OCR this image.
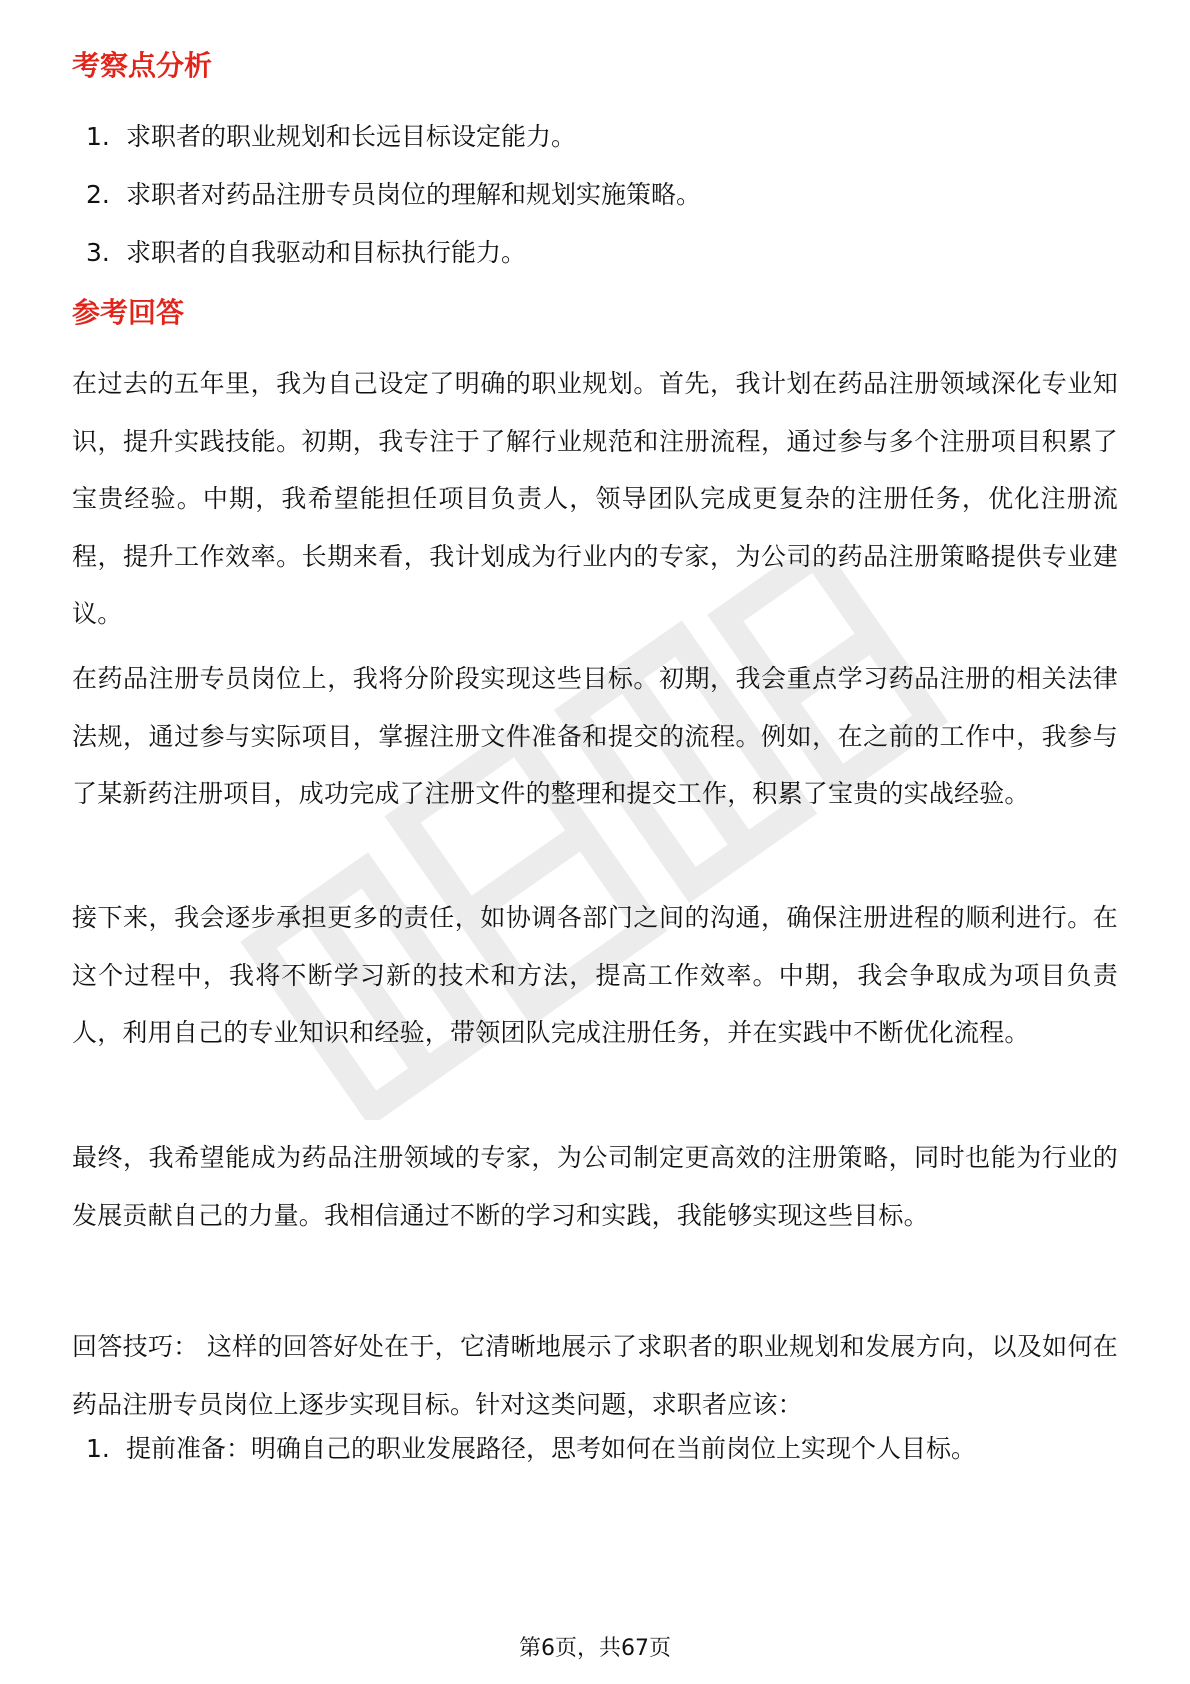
考察点分析
1. 求职者的职业规划和长远目标设定能力。
2. 求职者对药品注册专员岗位的理解和规划实施策略。
3. 求职者的自我驱动和目标执行能力。
参考回答

在过去的五年里，我为自己设定了明确的职业规划。首先，我计划在药品注册领域深化专业知识，提升实践技能。初期，我专注于了解行业规范和注册流程，通过参与多个注册项目积累了宝贵经验。中期，我希望能担任项目负责人，领导团队完成更复杂的注册任务，优化注册流程，提升工作效率。长期来看，我计划成为行业内的专家，为公司的药品注册策略提供专业建议。

在药品注册专员岗位上，我将分阶段实现这些目标。初期，我会重点学习药品注册的相关法律法规，通过参与实际项目，掌握注册文件准备和提交的流程。例如，在之前的工作中，我参与了某新药注册项目，成功完成了注册文件的整理和提交工作，积累了宝贵的实战经验。

接下来，我会逐步承担更多的责任，如协调各部门之间的沟通，确保注册进程的顺利进行。在这个过程中，我将不断学习新的技术和方法，提高工作效率。中期，我会争取成为项目负责人，利用自己的专业知识和经验，带领团队完成注册任务，并在实践中不断优化流程。

最终，我希望能成为药品注册领域的专家，为公司制定更高效的注册策略，同时也能为行业的发展贡献自己的力量。我相信通过不断的学习和实践，我能够实现这些目标。

回答技巧： 这样的回答好处在于，它清晰地展示了求职者的职业规划和发展方向，以及如何在药品注册专员岗位上逐步实现目标。针对这类问题，求职者应该：

1. 提前准备：明确自己的职业发展路径，思考如何在当前岗位上实现个人目标。
第6页，共67页
